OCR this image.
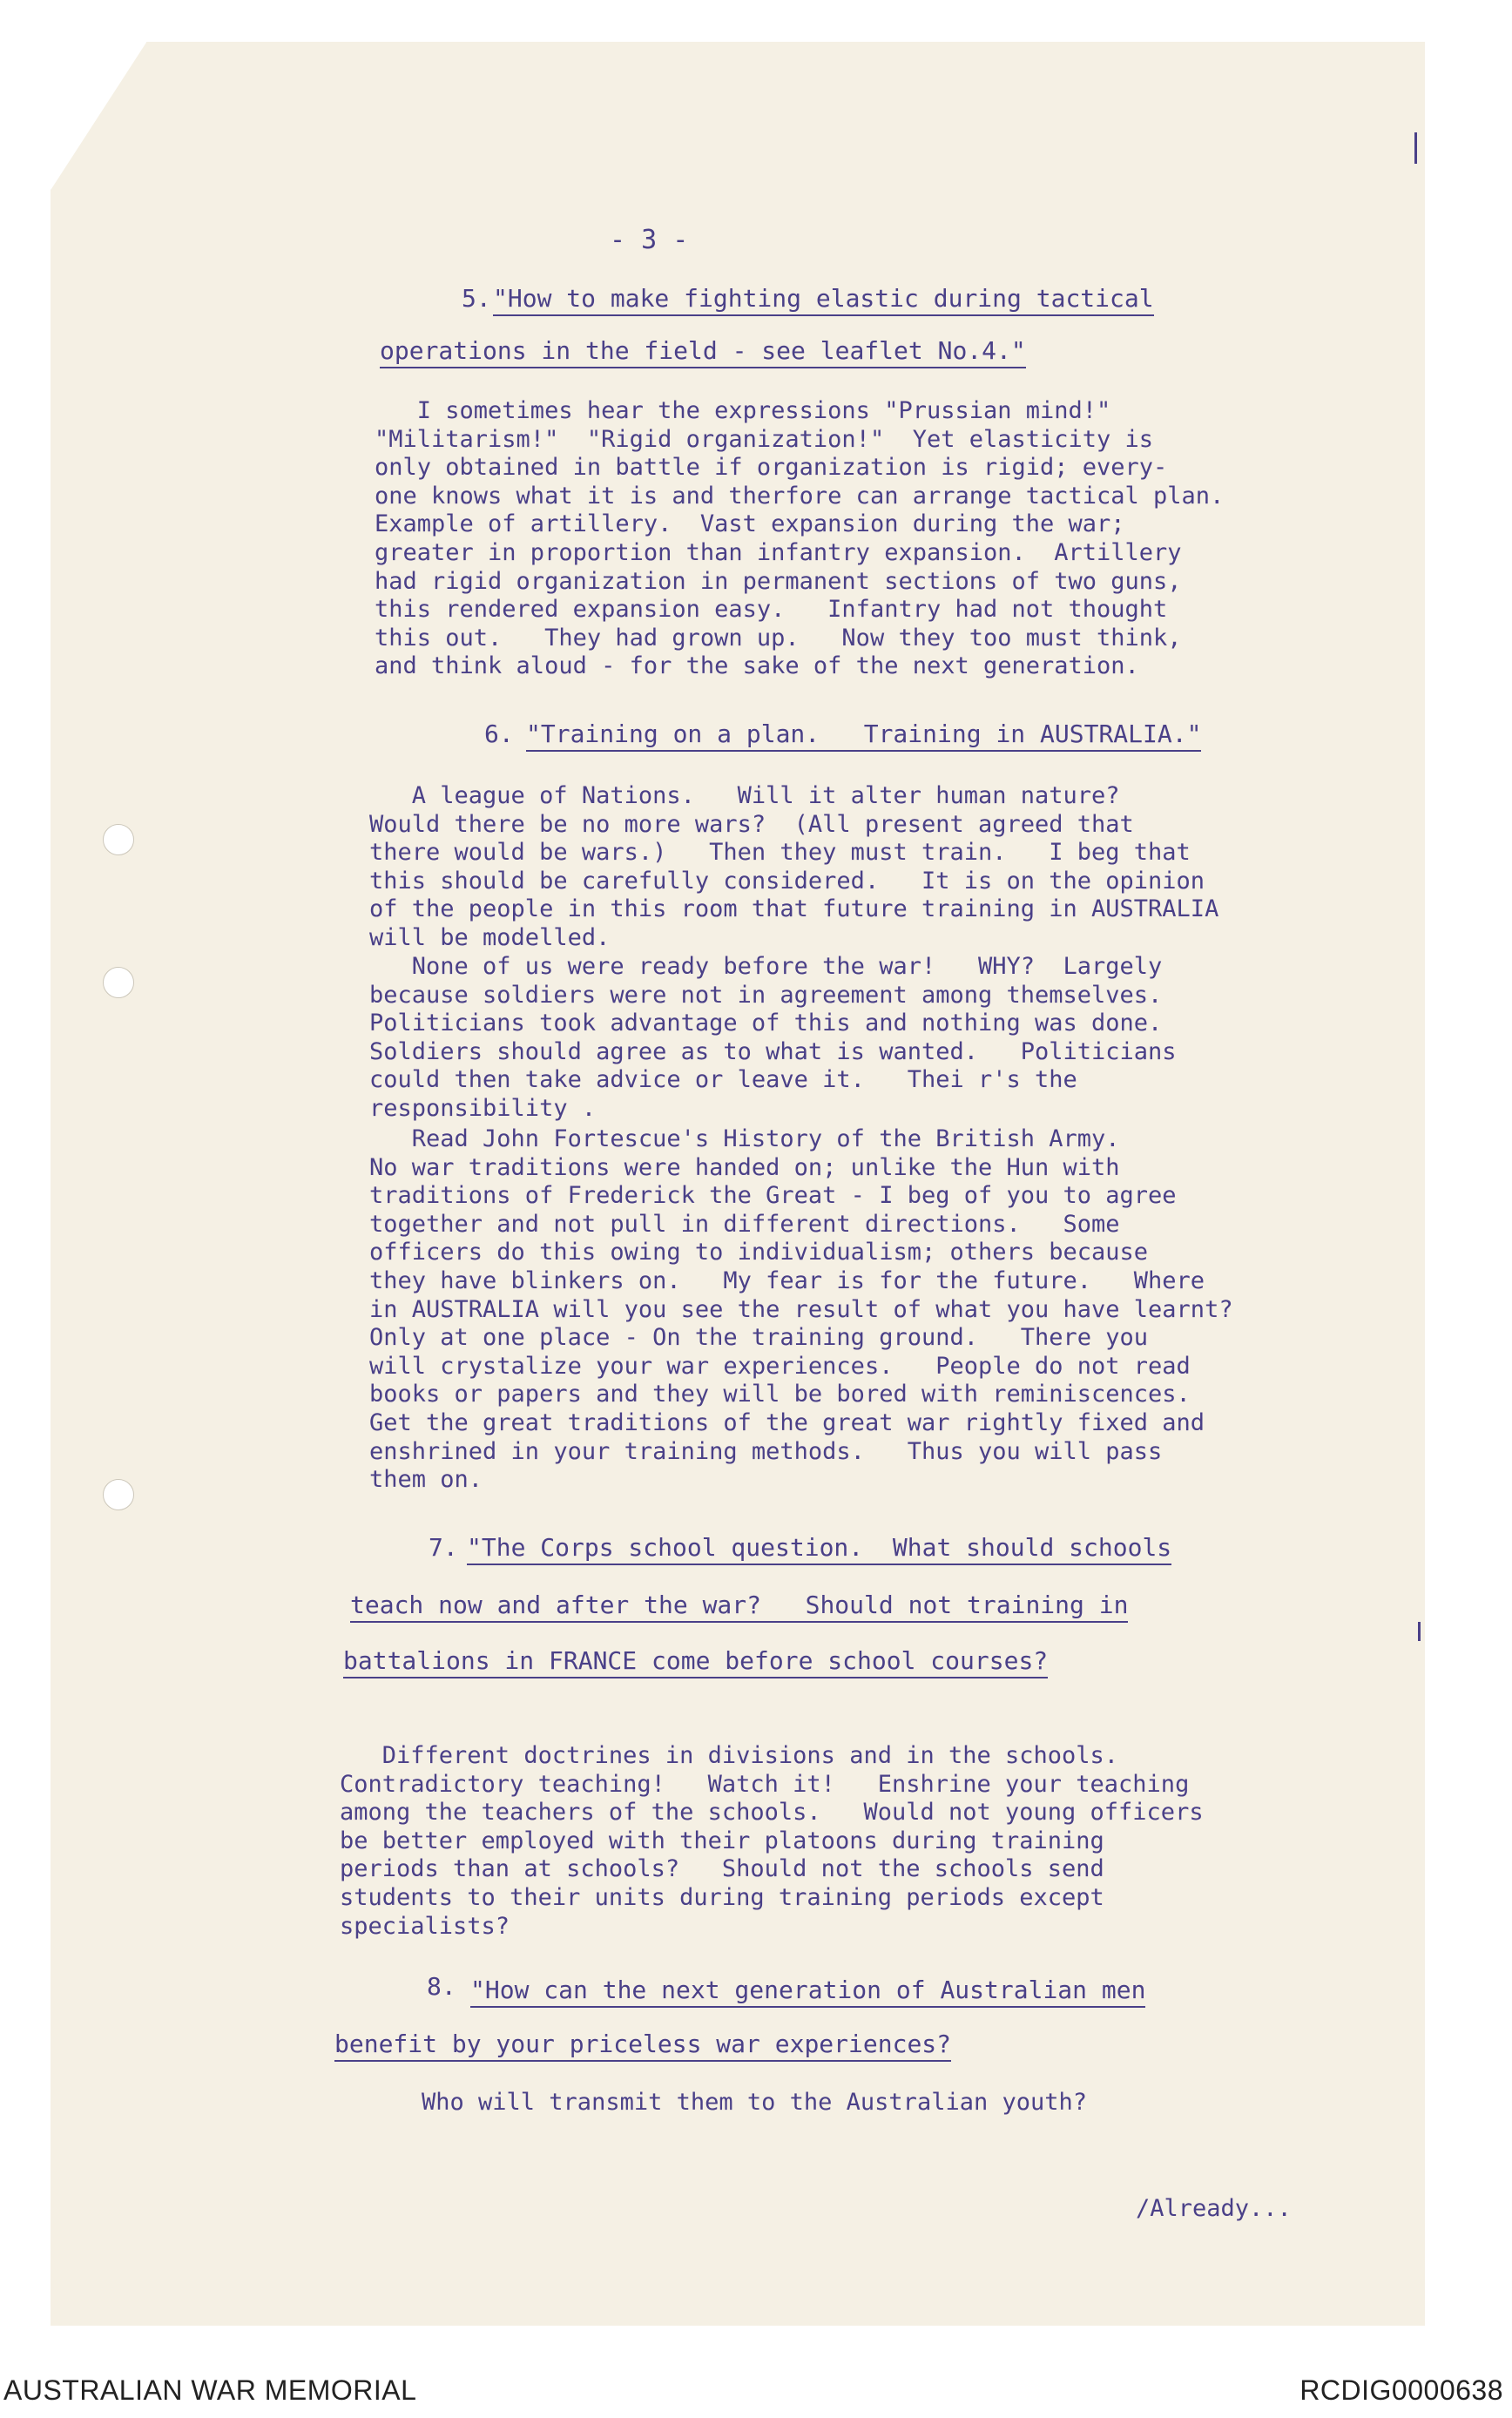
- 3 -
5. "How to make fighting elastic during tactical
operations in the field - see leaflet No.4."
I sometimes hear the expressions "Prussian mind!"
"Militarism!"  "Rigid organization!"  Yet elasticity is
only obtained in battle if organization is rigid; every-
one knows what it is and therfore can arrange tactical plan.
Example of artillery.  Vast expansion during the war;
greater in proportion than infantry expansion.  Artillery
had rigid organization in permanent sections of two guns,
this rendered expansion easy.   Infantry had not thought
this out.   They had grown up.   Now they too must think,
and think aloud - for the sake of the next generation.
6. "Training on a plan.   Training in AUSTRALIA."
A league of Nations.   Will it alter human nature?
Would there be no more wars?  (All present agreed that
there would be wars.)   Then they must train.   I beg that
this should be carefully considered.   It is on the opinion
of the people in this room that future training in AUSTRALIA
will be modelled.
None of us were ready before the war!   WHY?  Largely
because soldiers were not in agreement among themselves.
Politicians took advantage of this and nothing was done.
Soldiers should agree as to what is wanted.   Politicians
could then take advice or leave it.   Thei r's the
responsibility .
Read John Fortescue's History of the British Army.
No war traditions were handed on; unlike the Hun with
traditions of Frederick the Great - I beg of you to agree
together and not pull in different directions.   Some
officers do this owing to individualism; others because
they have blinkers on.   My fear is for the future.   Where
in AUSTRALIA will you see the result of what you have learnt?
Only at one place - On the training ground.   There you
will crystalize your war experiences.   People do not read
books or papers and they will be bored with reminiscences.
Get the great traditions of the great war rightly fixed and
enshrined in your training methods.   Thus you will pass
them on.
7. "The Corps school question.  What should schools
teach now and after the war?   Should not training in
battalions in FRANCE come before school courses?
Different doctrines in divisions and in the schools.
Contradictory teaching!   Watch it!   Enshrine your teaching
among the teachers of the schools.   Would not young officers
be better employed with their platoons during training
periods than at schools?   Should not the schools send
students to their units during training periods except
specialists?
8. "How can the next generation of Australian men
benefit by your priceless war experiences?
Who will transmit them to the Australian youth?
/Already...
AUSTRALIAN WAR MEMORIAL	RCDIG0000638
